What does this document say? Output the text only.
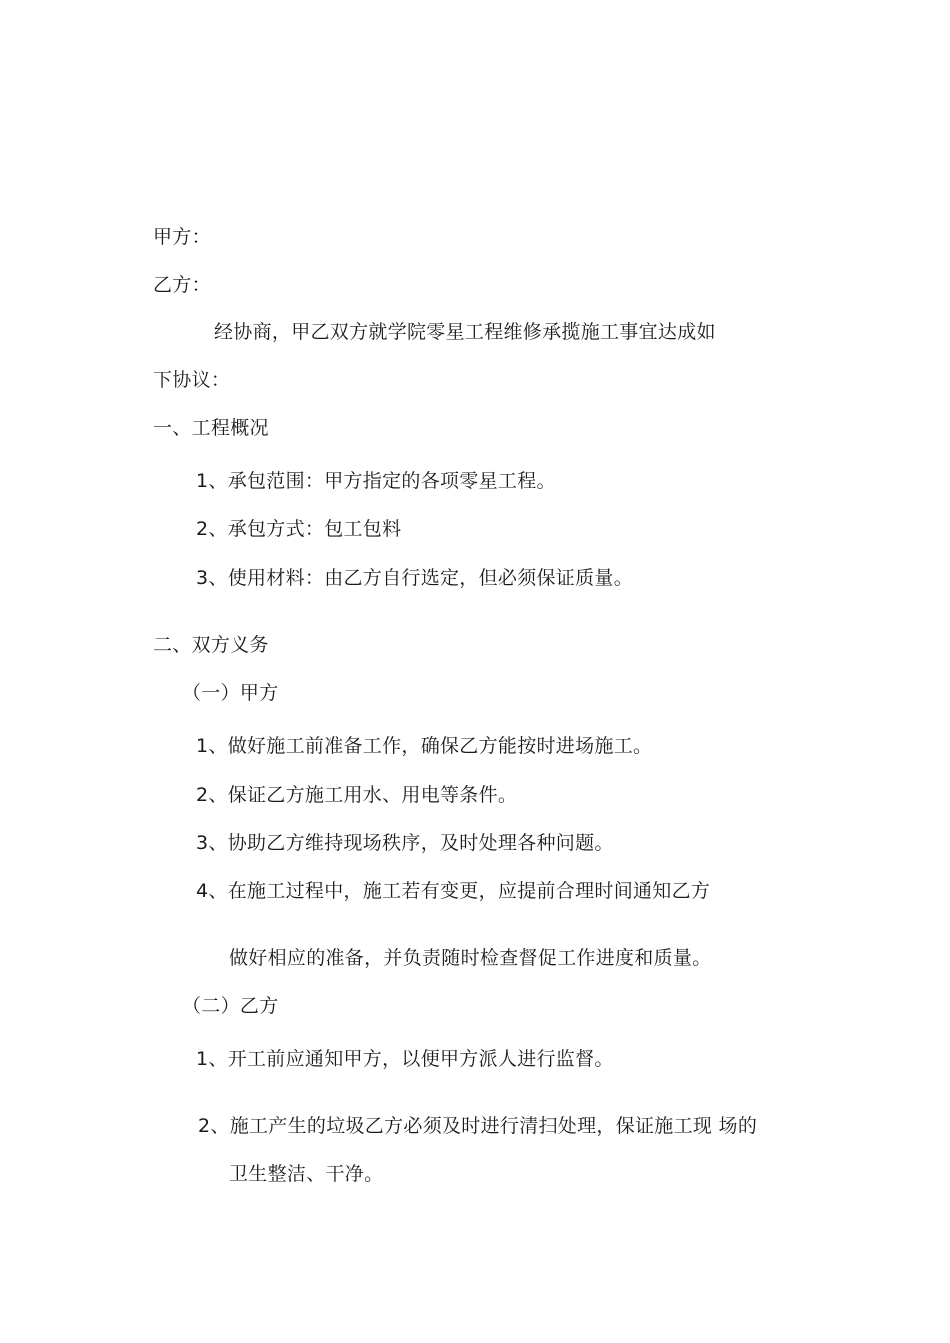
甲方：
乙方：
经协商，甲乙双方就学院零星工程维修承揽施工事宜达成如
下协议：
一、工程概况
1、承包范围：甲方指定的各项零星工程。
2、承包方式：包工包料
3、使用材料：由乙方自行选定，但必须保证质量。
二、双方义务
（一）甲方
1、做好施工前准备工作，确保乙方能按时进场施工。
2、保证乙方施工用水、用电等条件。
3、协助乙方维持现场秩序，及时处理各种问题。
4、在施工过程中，施工若有变更，应提前合理时间通知乙方
做好相应的准备，并负责随时检查督促工作进度和质量。
（二）乙方
1、开工前应通知甲方，以便甲方派人进行监督。
2、施工产生的垃圾乙方必须及时进行清扫处理，保证施工现 场的
卫生整洁、干净。
